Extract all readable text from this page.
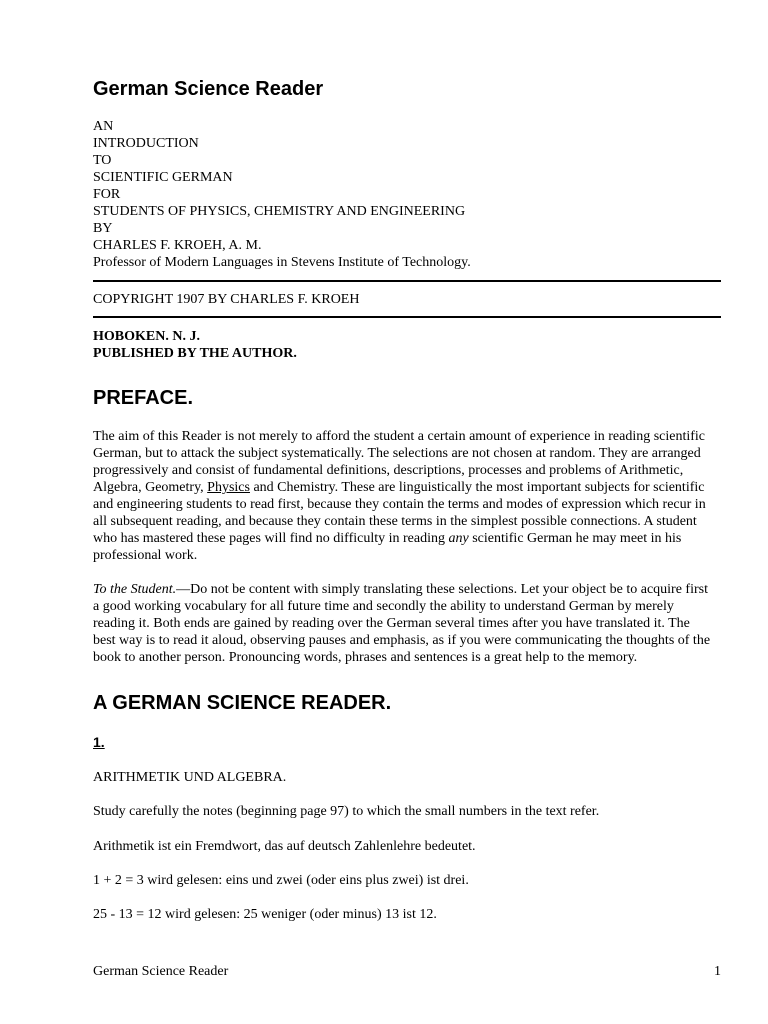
German Science Reader
AN
INTRODUCTION
TO
SCIENTIFIC GERMAN
FOR
STUDENTS OF PHYSICS, CHEMISTRY AND ENGINEERING
BY
CHARLES F. KROEH, A. M.
Professor of Modern Languages in Stevens Institute of Technology.
COPYRIGHT 1907 BY CHARLES F. KROEH
HOBOKEN. N. J.
PUBLISHED BY THE AUTHOR.
PREFACE.
The aim of this Reader is not merely to afford the student a certain amount of experience in reading scientific
German, but to attack the subject systematically. The selections are not chosen at random. They are arranged
progressively and consist of fundamental definitions, descriptions, processes and problems of Arithmetic,
Algebra, Geometry, Physics and Chemistry. These are linguistically the most important subjects for scientific
and engineering students to read first, because they contain the terms and modes of expression which recur in
all subsequent reading, and because they contain these terms in the simplest possible connections. A student
who has mastered these pages will find no difficulty in reading any scientific German he may meet in his
professional work.
To the Student.—Do not be content with simply translating these selections. Let your object be to acquire first
a good working vocabulary for all future time and secondly the ability to understand German by merely
reading it. Both ends are gained by reading over the German several times after you have translated it. The
best way is to read it aloud, observing pauses and emphasis, as if you were communicating the thoughts of the
book to another person. Pronouncing words, phrases and sentences is a great help to the memory.
A GERMAN SCIENCE READER.
1.
ARITHMETIK UND ALGEBRA.
Study carefully the notes (beginning page 97) to which the small numbers in the text refer.
Arithmetik ist ein Fremdwort, das auf deutsch Zahlenlehre bedeutet.
1 + 2 = 3 wird gelesen: eins und zwei (oder eins plus zwei) ist drei.
25 - 13 = 12 wird gelesen: 25 weniger (oder minus) 13 ist 12.
German Science Reader	1
